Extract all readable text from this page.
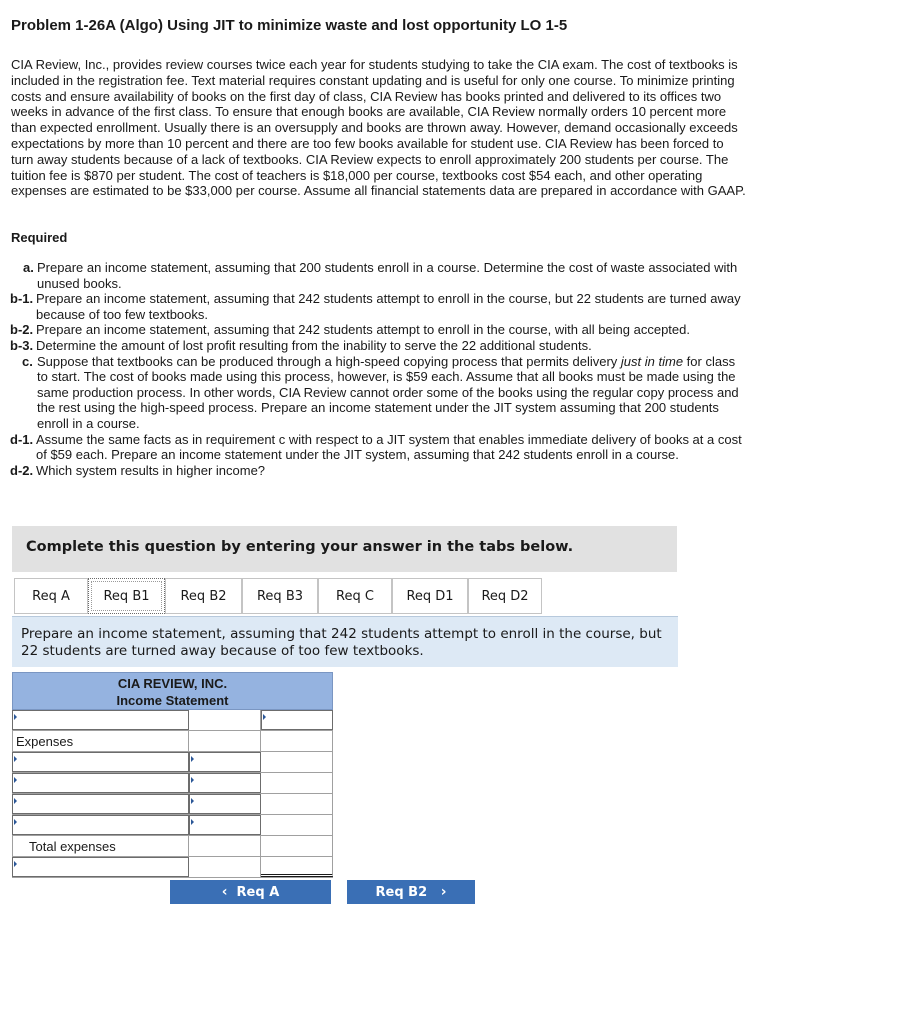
Problem 1-26A (Algo) Using JIT to minimize waste and lost opportunity LO 1-5
CIA Review, Inc., provides review courses twice each year for students studying to take the CIA exam. The cost of textbooks is included in the registration fee. Text material requires constant updating and is useful for only one course. To minimize printing costs and ensure availability of books on the first day of class, CIA Review has books printed and delivered to its offices two weeks in advance of the first class. To ensure that enough books are available, CIA Review normally orders 10 percent more than expected enrollment. Usually there is an oversupply and books are thrown away. However, demand occasionally exceeds expectations by more than 10 percent and there are too few books available for student use. CIA Review has been forced to turn away students because of a lack of textbooks. CIA Review expects to enroll approximately 200 students per course. The tuition fee is $870 per student. The cost of teachers is $18,000 per course, textbooks cost $54 each, and other operating expenses are estimated to be $33,000 per course. Assume all financial statements data are prepared in accordance with GAAP.
Required
a. Prepare an income statement, assuming that 200 students enroll in a course. Determine the cost of waste associated with unused books.
b-1. Prepare an income statement, assuming that 242 students attempt to enroll in the course, but 22 students are turned away because of too few textbooks.
b-2. Prepare an income statement, assuming that 242 students attempt to enroll in the course, with all being accepted.
b-3. Determine the amount of lost profit resulting from the inability to serve the 22 additional students.
c. Suppose that textbooks can be produced through a high-speed copying process that permits delivery just in time for class to start. The cost of books made using this process, however, is $59 each. Assume that all books must be made using the same production process. In other words, CIA Review cannot order some of the books using the regular copy process and the rest using the high-speed process. Prepare an income statement under the JIT system assuming that 200 students enroll in a course.
d-1. Assume the same facts as in requirement c with respect to a JIT system that enables immediate delivery of books at a cost of $59 each. Prepare an income statement under the JIT system, assuming that 242 students enroll in a course.
d-2. Which system results in higher income?
Complete this question by entering your answer in the tabs below.
Req A	Req B1	Req B2	Req B3	Req C	Req D1	Req D2
Prepare an income statement, assuming that 242 students attempt to enroll in the course, but 22 students are turned away because of too few textbooks.
CIA REVIEW, INC.
Income Statement
Expenses
Total expenses
‹ Req A	Req B2 ›
